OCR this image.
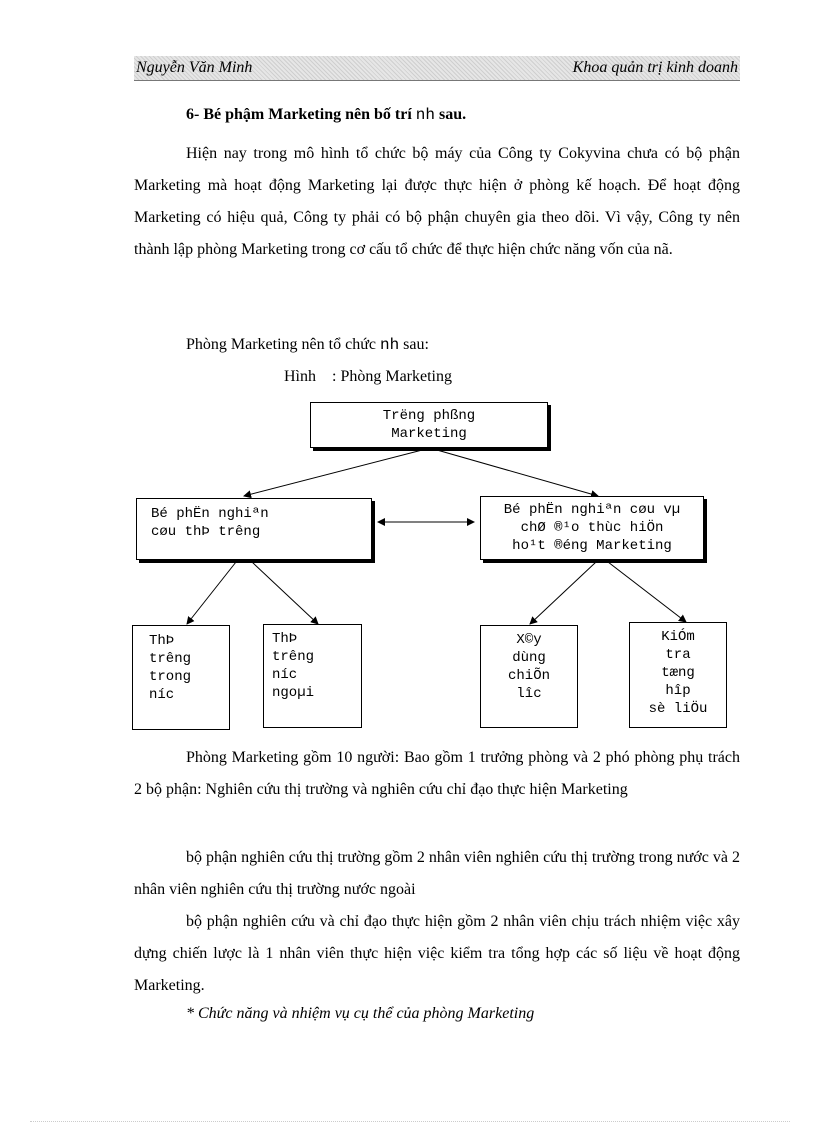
Nguyễn Văn Minh	Khoa quản trị kinh doanh
6- Bé phậm Marketing nên bố trí nh sau.

Hiện nay trong mô hình tổ chức bộ máy của Công ty Cokyvina chưa có bộ phận Marketing mà hoạt động Marketing lại được thực hiện ở phòng kế hoạch. Để hoạt động Marketing có hiệu quả, Công ty phải có bộ phận chuyên gia theo dõi. Vì vậy, Công ty nên thành lập phòng Marketing trong cơ cấu tổ chức để thực hiện chức năng vốn của nã.

Phòng Marketing nên tổ chức nh sau:
Hình    : Phòng Marketing
Trëng phßng
Marketing
Bé phËn nghiªn
cøu thÞ trêng
Bé phËn nghiªn cøu vµ
chØ ®¹o thùc hiÖn
ho¹t ®éng Marketing
ThÞ
trêng
trong
níc
ThÞ
trêng
níc
ngoµi
X©y
dùng
chiÕn
lîc
KiÓm
tra
tæng
hîp
sè liÖu

Phòng Marketing gồm 10 người: Bao gồm 1 trưởng phòng và 2 phó phòng phụ trách 2 bộ phận: Nghiên cứu thị trường và nghiên cứu chỉ đạo thực hiện Marketing

bộ phận nghiên cứu thị trường gồm 2 nhân viên nghiên cứu thị trường trong nước và 2 nhân viên nghiên cứu thị trường nước ngoài

bộ phận nghiên cứu và chỉ đạo thực hiện gồm 2 nhân viên chịu trách nhiệm việc xây dựng chiến lược là 1 nhân viên thực hiện việc kiểm tra tổng hợp các số liệu về hoạt động Marketing.

* Chức năng và nhiệm vụ cụ thể của phòng Marketing
